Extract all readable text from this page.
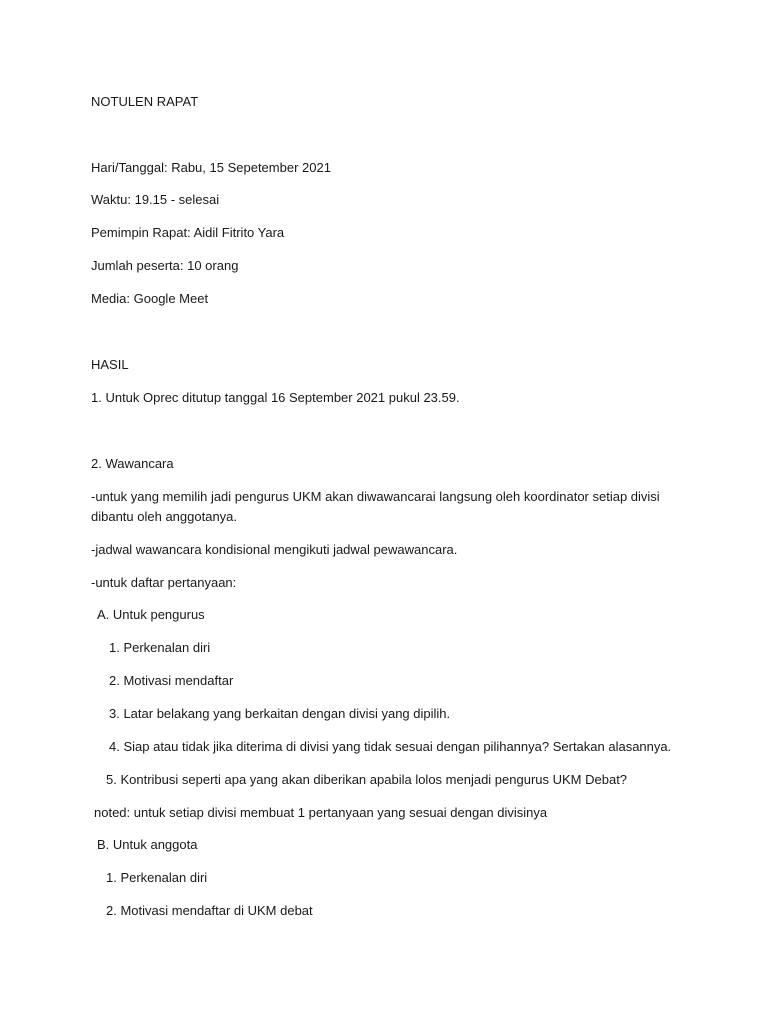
NOTULEN RAPAT
Hari/Tanggal: Rabu, 15 Sepetember 2021
Waktu: 19.15 - selesai
Pemimpin Rapat: Aidil Fitrito Yara
Jumlah peserta: 10 orang
Media: Google Meet
HASIL
1. Untuk Oprec ditutup tanggal 16 September 2021 pukul 23.59.
2. Wawancara
-untuk yang memilih jadi pengurus UKM akan diwawancarai langsung oleh koordinator setiap divisi dibantu oleh anggotanya.
-jadwal wawancara kondisional mengikuti jadwal pewawancara.
-untuk daftar pertanyaan:
A. Untuk pengurus
1. Perkenalan diri
2. Motivasi mendaftar
3. Latar belakang yang berkaitan dengan divisi yang dipilih.
4. Siap atau tidak jika diterima di divisi yang tidak sesuai dengan pilihannya? Sertakan alasannya.
5. Kontribusi seperti apa yang akan diberikan apabila lolos menjadi pengurus UKM Debat?
noted: untuk setiap divisi membuat 1 pertanyaan yang sesuai dengan divisinya
B. Untuk anggota
1. Perkenalan diri
2. Motivasi mendaftar di UKM debat
